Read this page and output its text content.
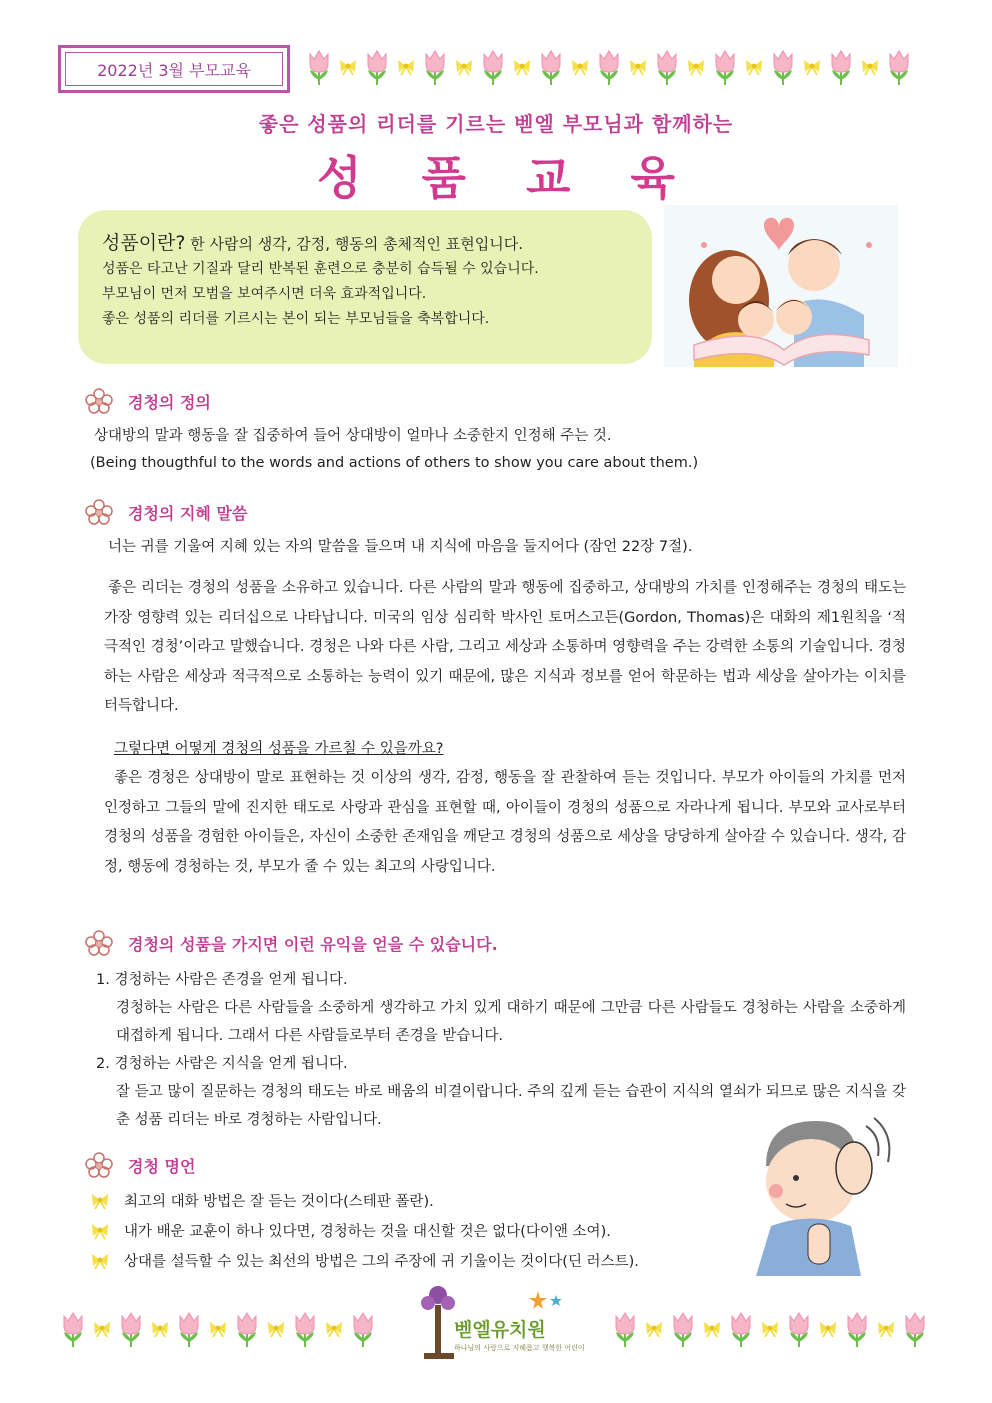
2022년 3월 부모교육
좋은 성품의 리더를 기르는 벧엘 부모님과 함께하는
성 품 교 육
성품이란? 한 사람의 생각, 감정, 행동의 총체적인 표현입니다.
성품은 타고난 기질과 달리 반복된 훈련으로 충분히 습득될 수 있습니다.
부모님이 먼저 모범을 보여주시면 더욱 효과적입니다.
좋은 성품의 리더를 기르시는 본이 되는 부모님들을 축복합니다.
경청의 정의
상대방의 말과 행동을 잘 집중하여 들어 상대방이 얼마나 소중한지 인정해 주는 것.
(Being thougthful to the words and actions of others to show you care about them.)
경청의 지혜 말씀
너는 귀를 기울여 지혜 있는 자의 말씀을 들으며 내 지식에 마음을 둘지어다 (잠언 22장 7절).
좋은 리더는 경청의 성품을 소유하고 있습니다. 다른 사람의 말과 행동에 집중하고, 상대방의 가치를 인정해주는 경청의 태도는 가장 영향력 있는 리더십으로 나타납니다. 미국의 임상 심리학 박사인 토머스고든(Gordon, Thomas)은 대화의 제1원칙을 ‘적극적인 경청’이라고 말했습니다. 경청은 나와 다른 사람, 그리고 세상과 소통하며 영향력을 주는 강력한 소통의 기술입니다. 경청하는 사람은 세상과 적극적으로 소통하는 능력이 있기 때문에, 많은 지식과 정보를 얻어 학문하는 법과 세상을 살아가는 이치를 터득합니다.
그렇다면 어떻게 경청의 성품을 가르칠 수 있을까요?
좋은 경청은 상대방이 말로 표현하는 것 이상의 생각, 감정, 행동을 잘 관찰하여 듣는 것입니다. 부모가 아이들의 가치를 먼저 인정하고 그들의 말에 진지한 태도로 사랑과 관심을 표현할 때, 아이들이 경청의 성품으로 자라나게 됩니다. 부모와 교사로부터 경청의 성품을 경험한 아이들은, 자신이 소중한 존재임을 깨닫고 경청의 성품으로 세상을 당당하게 살아갈 수 있습니다. 생각, 감정, 행동에 경청하는 것, 부모가 줄 수 있는 최고의 사랑입니다.
경청의 성품을 가지면 이런 유익을 얻을 수 있습니다.
1. 경청하는 사람은 존경을 얻게 됩니다.
경청하는 사람은 다른 사람들을 소중하게 생각하고 가치 있게 대하기 때문에 그만큼 다른 사람들도 경청하는 사람을 소중하게 대접하게 됩니다. 그래서 다른 사람들로부터 존경을 받습니다.
2. 경청하는 사람은 지식을 얻게 됩니다.
잘 듣고 많이 질문하는 경청의 태도는 바로 배움의 비결이랍니다. 주의 깊게 듣는 습관이 지식의 열쇠가 되므로 많은 지식을 갖춘 성품 리더는 바로 경청하는 사람입니다.
경청 명언
최고의 대화 방법은 잘 듣는 것이다(스테판 폴란).
내가 배운 교훈이 하나 있다면, 경청하는 것을 대신할 것은 없다(다이앤 소여).
상대를 설득할 수 있는 최선의 방법은 그의 주장에 귀 기울이는 것이다(딘 러스트).
벧엘유치원
하나님의 사랑으로 지혜롭고 행복한 어린이
